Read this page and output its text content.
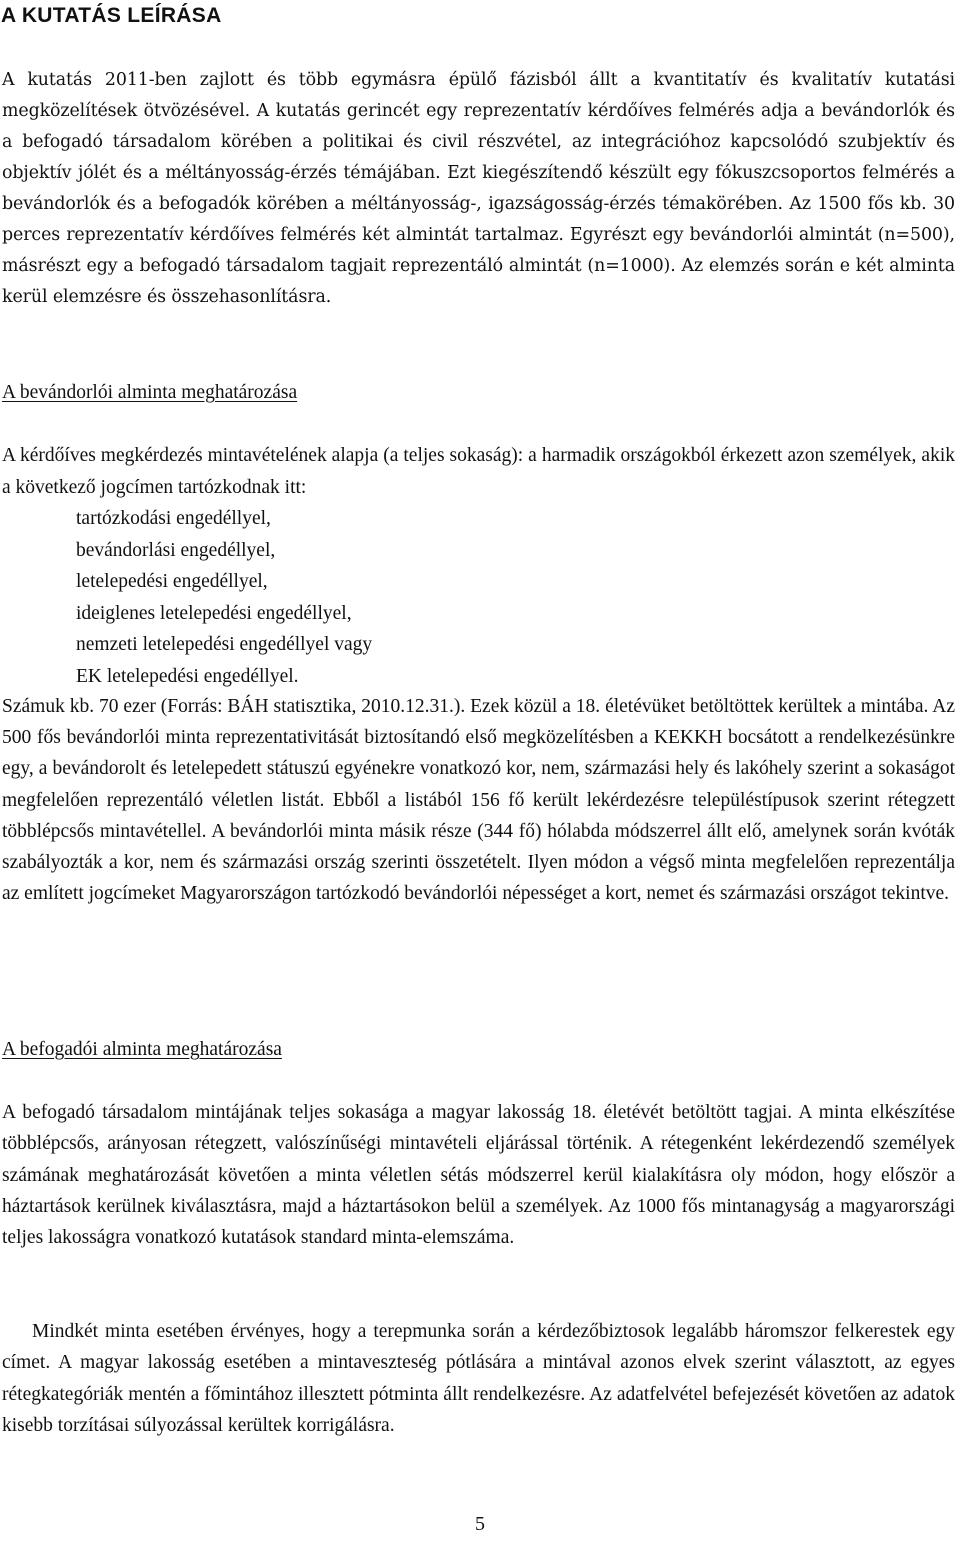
A KUTATÁS LEÍRÁSA

A kutatás 2011-ben zajlott és több egymásra épülő fázisból állt a kvantitatív és kvalitatív kutatási megközelítések ötvözésével. A kutatás gerincét egy reprezentatív kérdőíves felmérés adja a bevándorlók és a befogadó társadalom körében a politikai és civil részvétel, az integrációhoz kapcsolódó szubjektív és objektív jólét és a méltányosság-érzés témájában. Ezt kiegészítendő készült egy fókuszcsoportos felmérés a bevándorlók és a befogadók körében a méltányosság-, igazságosság-érzés témakörében. Az 1500 fős kb. 30 perces reprezentatív kérdőíves felmérés két almintát tartalmaz. Egyrészt egy bevándorlói almintát (n=500), másrészt egy a befogadó társadalom tagjait reprezentáló almintát (n=1000). Az elemzés során e két alminta kerül elemzésre és összehasonlításra.

A bevándorlói alminta meghatározása

A kérdőíves megkérdezés mintavételének alapja (a teljes sokaság): a harmadik országokból érkezett azon személyek, akik a következő jogcímen tartózkodnak itt:

tartózkodási engedéllyel,
bevándorlási engedéllyel,
letelepedési engedéllyel,
ideiglenes letelepedési engedéllyel,
nemzeti letelepedési engedéllyel vagy
EK letelepedési engedéllyel.

Számuk kb. 70 ezer (Forrás: BÁH statisztika, 2010.12.31.). Ezek közül a 18. életévüket betöltöttek kerültek a mintába. Az 500 fős bevándorlói minta reprezentativitását biztosítandó első megközelítésben a KEKKH bocsátott a rendelkezésünkre egy, a bevándorolt és letelepedett státuszú egyénekre vonatkozó kor, nem, származási hely és lakóhely szerint a sokaságot megfelelően reprezentáló véletlen listát. Ebből a listából 156 fő került lekérdezésre településtípusok szerint rétegzett többlépcsős mintavétellel. A bevándorlói minta másik része (344 fő) hólabda módszerrel állt elő, amelynek során kvóták szabályozták a kor, nem és származási ország szerinti összetételt. Ilyen módon a végső minta megfelelően reprezentálja az említett jogcímeket Magyarországon tartózkodó bevándorlói népességet a kort, nemet és származási országot tekintve.

A befogadói alminta meghatározása

A befogadó társadalom mintájának teljes sokasága a magyar lakosság 18. életévét betöltött tagjai. A minta elkészítése többlépcsős, arányosan rétegzett, valószínűségi mintavételi eljárással történik. A rétegenként lekérdezendő személyek számának meghatározását követően a minta véletlen sétás módszerrel kerül kialakításra oly módon, hogy először a háztartások kerülnek kiválasztásra, majd a háztartásokon belül a személyek. Az 1000 fős mintanagyság a magyarországi teljes lakosságra vonatkozó kutatások standard minta-elemszáma.

Mindkét minta esetében érvényes, hogy a terepmunka során a kérdezőbiztosok legalább háromszor felkerestek egy címet. A magyar lakosság esetében a mintaveszteség pótlására a mintával azonos elvek szerint választott, az egyes rétegkategóriák mentén a főmintához illesztett pótminta állt rendelkezésre. Az adatfelvétel befejezését követően az adatok kisebb torzításai súlyozással kerültek korrigálásra.

5
